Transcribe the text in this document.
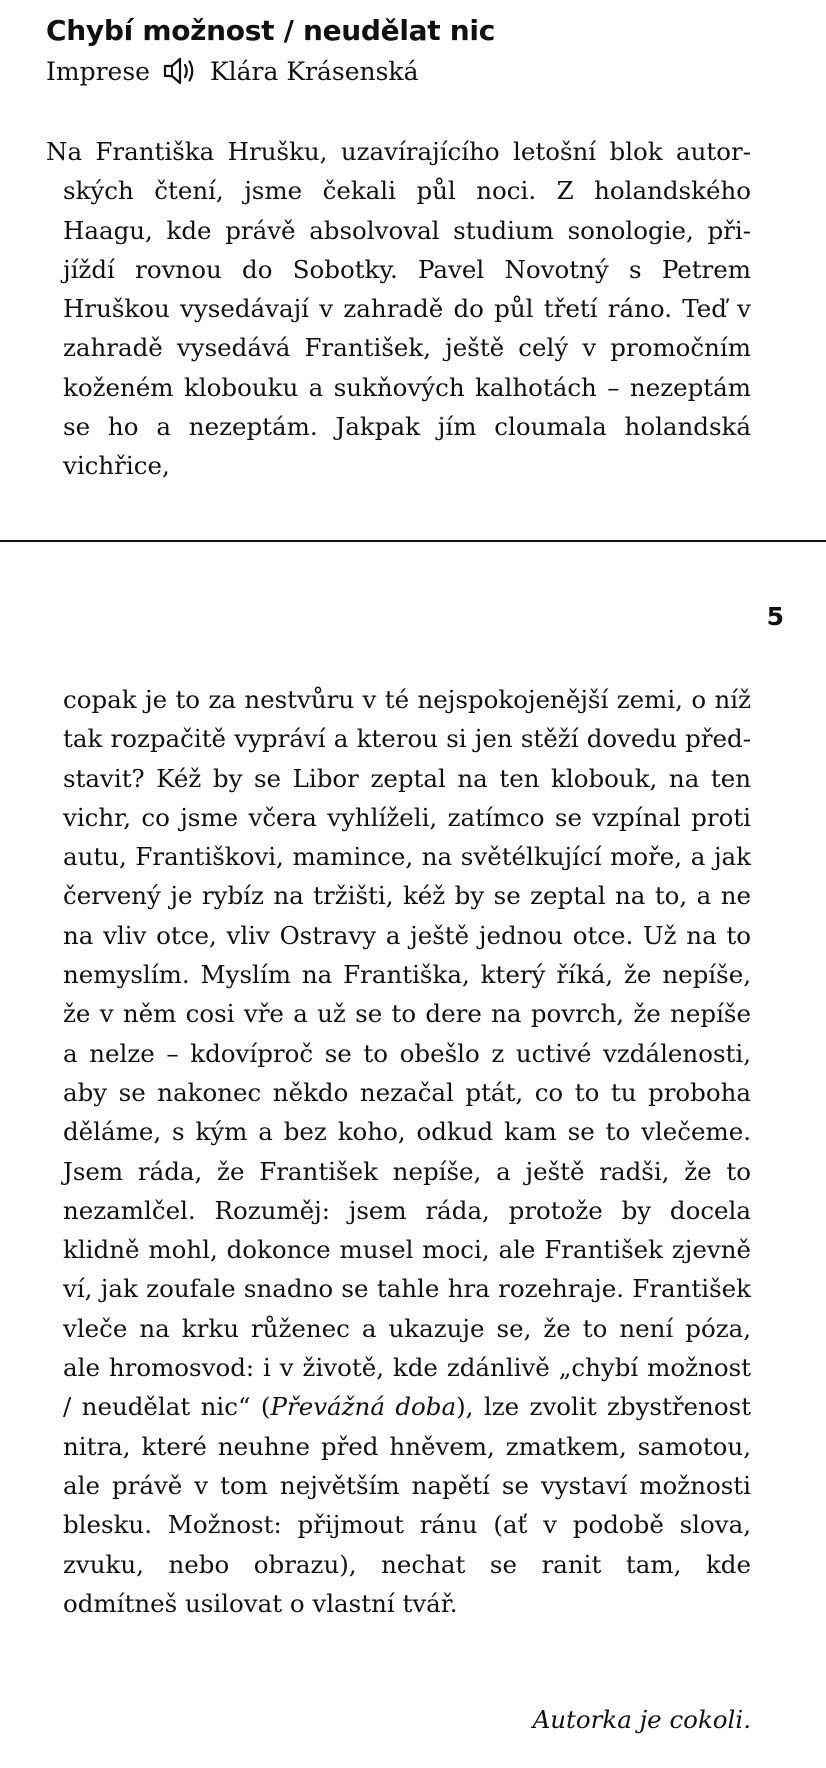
Chybí možnost / neudělat nic
Imprese Klára Krásenská

Na Františka Hrušku, uzavírajícího letošní blok autorských čtení, jsme čekali půl noci. Z holandského Haagu, kde právě absolvoval studium sonologie, přijíždí rovnou do Sobotky. Pavel Novotný s Petrem Hruškou vysedávají v zahradě do půl třetí ráno. Teď v zahradě vysedává František, ještě celý v promočním koženém klobouku a sukňových kalhotách – nezeptám se ho a nezeptám. Jakpak jím cloumala holandská vichřice,

5

copak je to za nestvůru v té nejspokojenější zemi, o níž tak rozpačitě vypráví a kterou si jen stěží dovedu představit? Kéž by se Libor zeptal na ten klobouk, na ten vichr, co jsme včera vyhlíželi, zatímco se vzpínal proti autu, Františkovi, mamince, na světélkující moře, a jak červený je rybíz na tržišti, kéž by se zeptal na to, a ne na vliv otce, vliv Ostravy a ještě jednou otce. Už na to nemyslím. Myslím na Františka, který říká, že nepíše, že v něm cosi vře a už se to dere na povrch, že nepíše a nelze – kdovíproč se to obešlo z uctivé vzdálenosti, aby se nakonec někdo nezačal ptát, co to tu proboha děláme, s kým a bez koho, odkud kam se to vlečeme. Jsem ráda, že František nepíše, a ještě radši, že to nezamlčel. Rozuměj: jsem ráda, protože by docela klidně mohl, dokonce musel moci, ale František zjevně ví, jak zoufale snadno se tahle hra rozehraje. František vleče na krku růženec a ukazuje se, že to není póza, ale hromosvod: i v životě, kde zdánlivě „chybí možnost / neudělat nic“ (Převážná doba), lze zvolit zbystřenost nitra, které neuhne před hněvem, zmatkem, samotou, ale právě v tom největším napětí se vystaví možnosti blesku. Možnost: přijmout ránu (ať v podobě slova, zvuku, nebo obrazu), nechat se ranit tam, kde odmítneš usilovat o vlastní tvář.

Autorka je cokoli.
